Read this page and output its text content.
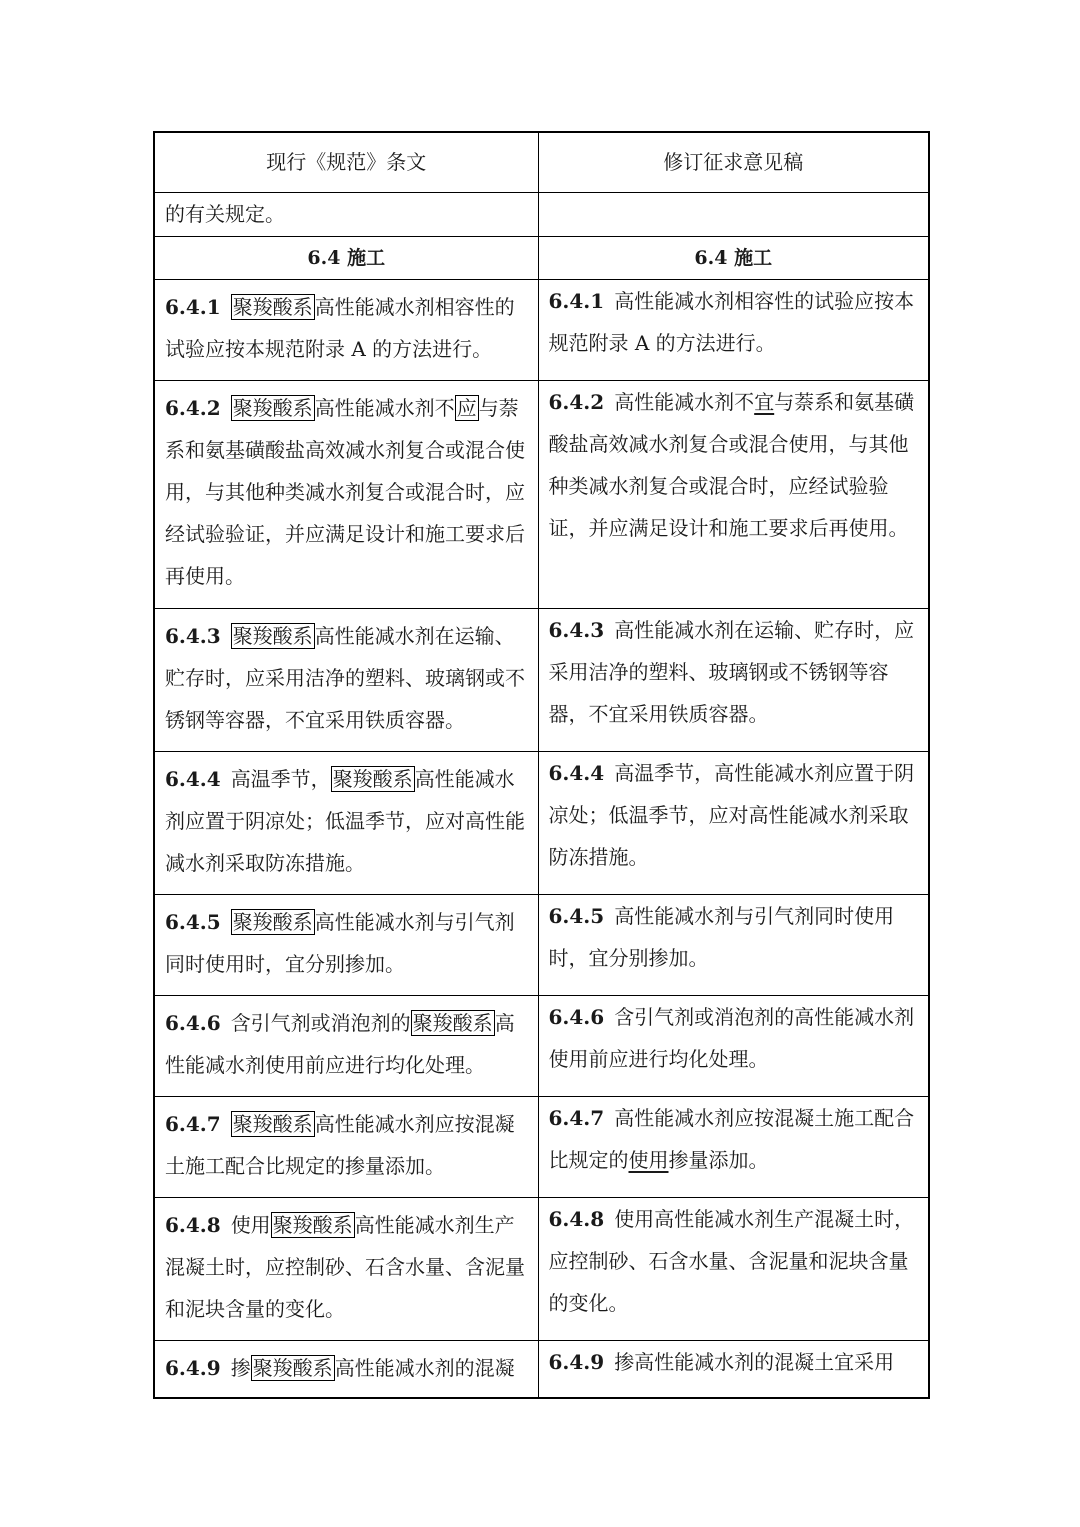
现行《规范》条文	修订征求意见稿
的有关规定。	
6.4 施工	6.4 施工
6.4.1 聚羧酸系 高性能减水剂相容性的试验应按本规范附录 A 的方法进行。	6.4.1 高性能减水剂相容性的试验应按本规范附录 A 的方法进行。
6.4.2 聚羧酸系 高性能减水剂不 应 与萘系和氨基磺酸盐高效减水剂复合或混合使用，与其他种类减水剂复合或混合时，应经试验验证，并应满足设计和施工要求后再使用。	6.4.2 高性能减水剂不宜与萘系和氨基磺酸盐高效减水剂复合或混合使用，与其他种类减水剂复合或混合时，应经试验验证，并应满足设计和施工要求后再使用。
6.4.3 聚羧酸系 高性能减水剂在运输、贮存时，应采用洁净的塑料、玻璃钢或不锈钢等容器，不宜采用铁质容器。	6.4.3 高性能减水剂在运输、贮存时，应采用洁净的塑料、玻璃钢或不锈钢等容器，不宜采用铁质容器。
6.4.4 高温季节， 聚羧酸系 高性能减水剂应置于阴凉处；低温季节，应对高性能减水剂采取防冻措施。	6.4.4 高温季节，高性能减水剂应置于阴凉处；低温季节，应对高性能减水剂采取防冻措施。
6.4.5 聚羧酸系 高性能减水剂与引气剂同时使用时，宜分别掺加。	6.4.5 高性能减水剂与引气剂同时使用时，宜分别掺加。
6.4.6 含引气剂或消泡剂的 聚羧酸系 高性能减水剂使用前应进行均化处理。	6.4.6 含引气剂或消泡剂的高性能减水剂使用前应进行均化处理。
6.4.7 聚羧酸系 高性能减水剂应按混凝土施工配合比规定的掺量添加。	6.4.7 高性能减水剂应按混凝土施工配合比规定的使用掺量添加。
6.4.8 使用 聚羧酸系 高性能减水剂生产混凝土时，应控制砂、石含水量、含泥量和泥块含量的变化。	6.4.8 使用高性能减水剂生产混凝土时，应控制砂、石含水量、含泥量和泥块含量的变化。
6.4.9 掺 聚羧酸系 高性能减水剂的混凝	6.4.9 掺高性能减水剂的混凝土宜采用
